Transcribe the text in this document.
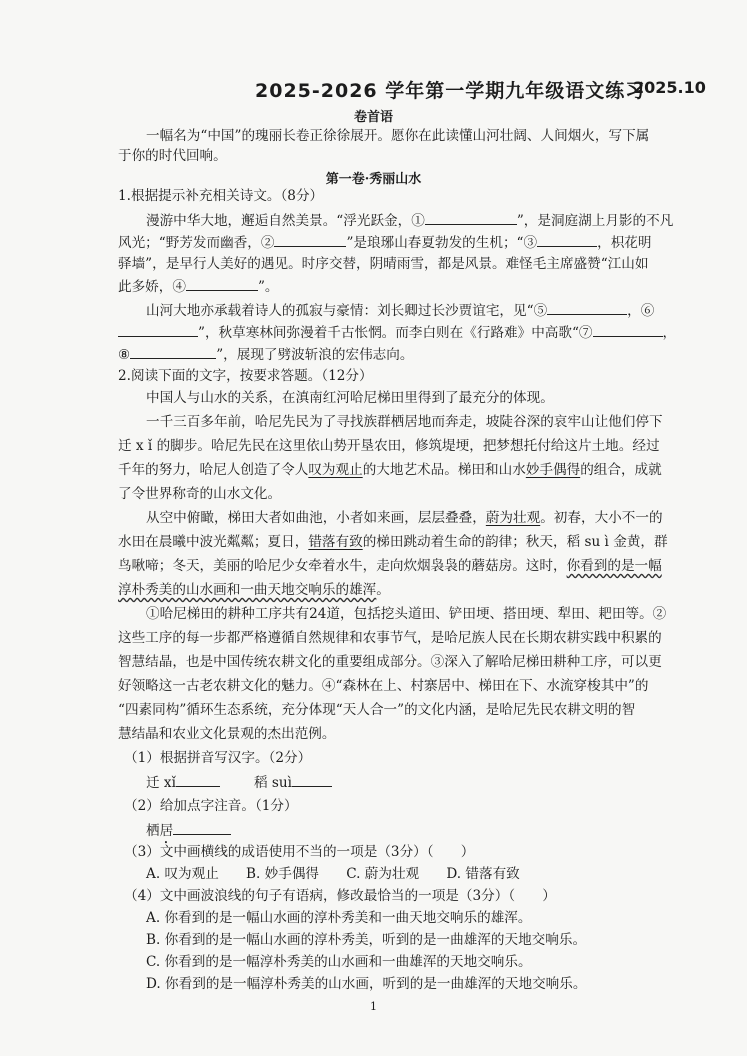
2025-2026 学年第一学期九年级语文练习
2025.10
卷首语
一幅名为“中国”的瑰丽长卷正徐徐展开。愿你在此读懂山河壮阔、人间烟火，写下属
于你的时代回响。
第一卷·秀丽山水
1.根据提示补充相关诗文。（8分）
漫游中华大地，邂逅自然美景。“浮光跃金，①	”，是洞庭湖上月影的不凡
风光；“野芳发而幽香，②	”是琅琊山春夏勃发的生机；“③	，枳花明
驿墙”，是早行人美好的遇见。时序交替，阴晴雨雪，都是风景。难怪毛主席盛赞“江山如
此多娇，④	”。
山河大地亦承载着诗人的孤寂与豪情：刘长卿过长沙贾谊宅，见“⑤	，⑥
”，秋草寒林间弥漫着千古怅惘。而李白则在《行路难》中高歌“⑦	，
⑧	”，展现了劈波斩浪的宏伟志向。
2.阅读下面的文字，按要求答题。（12分）
中国人与山水的关系，在滇南红河哈尼梯田里得到了最充分的体现。
一千三百多年前，哈尼先民为了寻找族群栖居地而奔走，坡陡谷深的哀牢山让他们停下
迁 x ǐ 的脚步。哈尼先民在这里依山势开垦农田，修筑堤埂，把梦想托付给这片土地。经过
千年的努力，哈尼人创造了令人叹为观止的大地艺术品。梯田和山水妙手偶得的组合，成就
了令世界称奇的山水文化。
从空中俯瞰，梯田大者如曲池，小者如来画，层层叠叠，蔚为壮观。初春，大小不一的
水田在晨曦中波光粼粼；夏日，错落有致的梯田跳动着生命的韵律；秋天，稻 su ì 金黄，群
鸟啾啼；冬天，美丽的哈尼少女牵着水牛，走向炊烟袅袅的蘑菇房。这时，你看到的是一幅
淳朴秀美的山水画和一曲天地交响乐的雄浑。
①哈尼梯田的耕种工序共有24道，包括挖头道田、铲田埂、搭田埂、犁田、耙田等。②
这些工序的每一步都严格遵循自然规律和农事节气，是哈尼族人民在长期农耕实践中积累的
智慧结晶，也是中国传统农耕文化的重要组成部分。③深入了解哈尼梯田耕种工序，可以更
好领略这一古老农耕文化的魅力。④“森林在上、村寨居中、梯田在下、水流穿梭其中”的
“四素同构”循环生态系统，充分体现“天人合一”的文化内涵，是哈尼先民农耕文明的智
慧结晶和农业文化景观的杰出范例。
（1）根据拼音写汉字。（2分）
迁 xǐ	稻 suì
（2）给加点字注音。（1分）
栖居
（3）文中画横线的成语使用不当的一项是（3分）（　　）
A. 叹为观止　　B. 妙手偶得　　C. 蔚为壮观　　D. 错落有致
（4）文中画波浪线的句子有语病，修改最恰当的一项是（3分）（　　）
A. 你看到的是一幅山水画的淳朴秀美和一曲天地交响乐的雄浑。
B. 你看到的是一幅山水画的淳朴秀美，听到的是一曲雄浑的天地交响乐。
C. 你看到的是一幅淳朴秀美的山水画和一曲雄浑的天地交响乐。
D. 你看到的是一幅淳朴秀美的山水画，听到的是一曲雄浑的天地交响乐。
1
